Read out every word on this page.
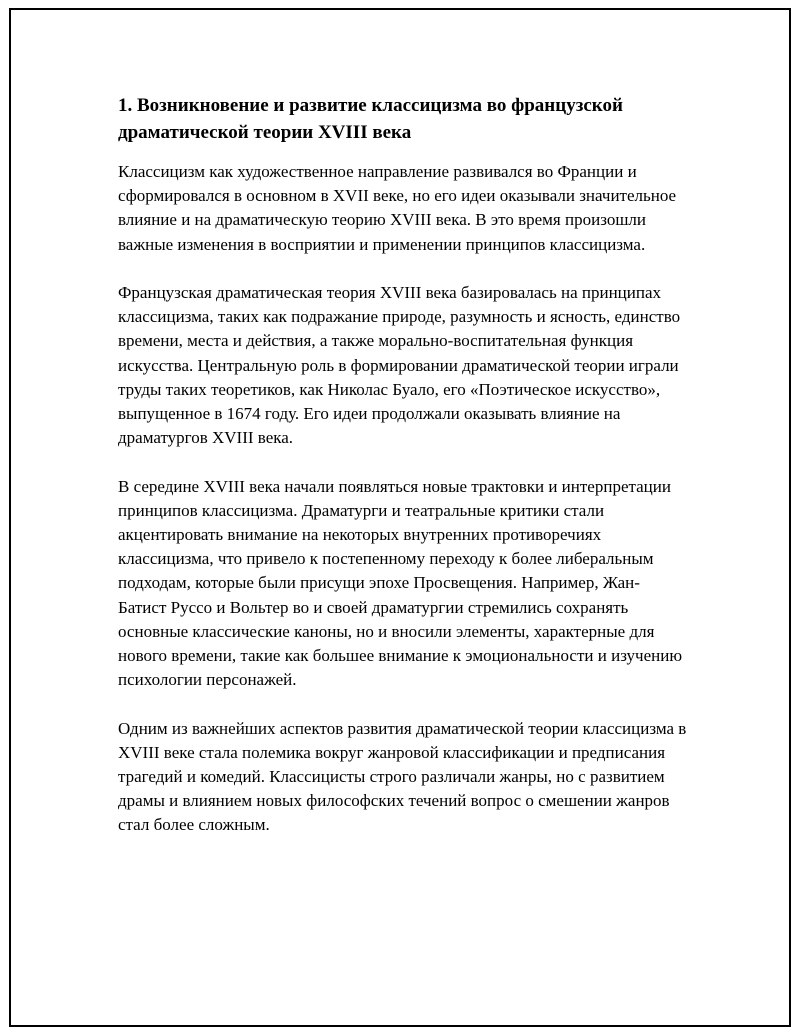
1. Возникновение и развитие классицизма во французской драматической теории XVIII века

Классицизм как художественное направление развивался во Франции и сформировался в основном в XVII веке, но его идеи оказывали значительное влияние и на драматическую теорию XVIII века. В это время произошли важные изменения в восприятии и применении принципов классицизма.

Французская драматическая теория XVIII века базировалась на принципах классицизма, таких как подражание природе, разумность и ясность, единство времени, места и действия, а также морально-воспитательная функция искусства. Центральную роль в формировании драматической теории играли труды таких теоретиков, как Николас Буало, его «Поэтическое искусство», выпущенное в 1674 году. Его идеи продолжали оказывать влияние на драматургов XVIII века.

В середине XVIII века начали появляться новые трактовки и интерпретации принципов классицизма. Драматурги и театральные критики стали акцентировать внимание на некоторых внутренних противоречиях классицизма, что привело к постепенному переходу к более либеральным подходам, которые были присущи эпохе Просвещения. Например, Жан-Батист Руссо и Вольтер во и своей драматургии стремились сохранять основные классические каноны, но и вносили элементы, характерные для нового времени, такие как большее внимание к эмоциональности и изучению психологии персонажей.

Одним из важнейших аспектов развития драматической теории классицизма в XVIII веке стала полемика вокруг жанровой классификации и предписания трагедий и комедий. Классицисты строго различали жанры, но с развитием драмы и влиянием новых философских течений вопрос о смешении жанров стал более сложным.
